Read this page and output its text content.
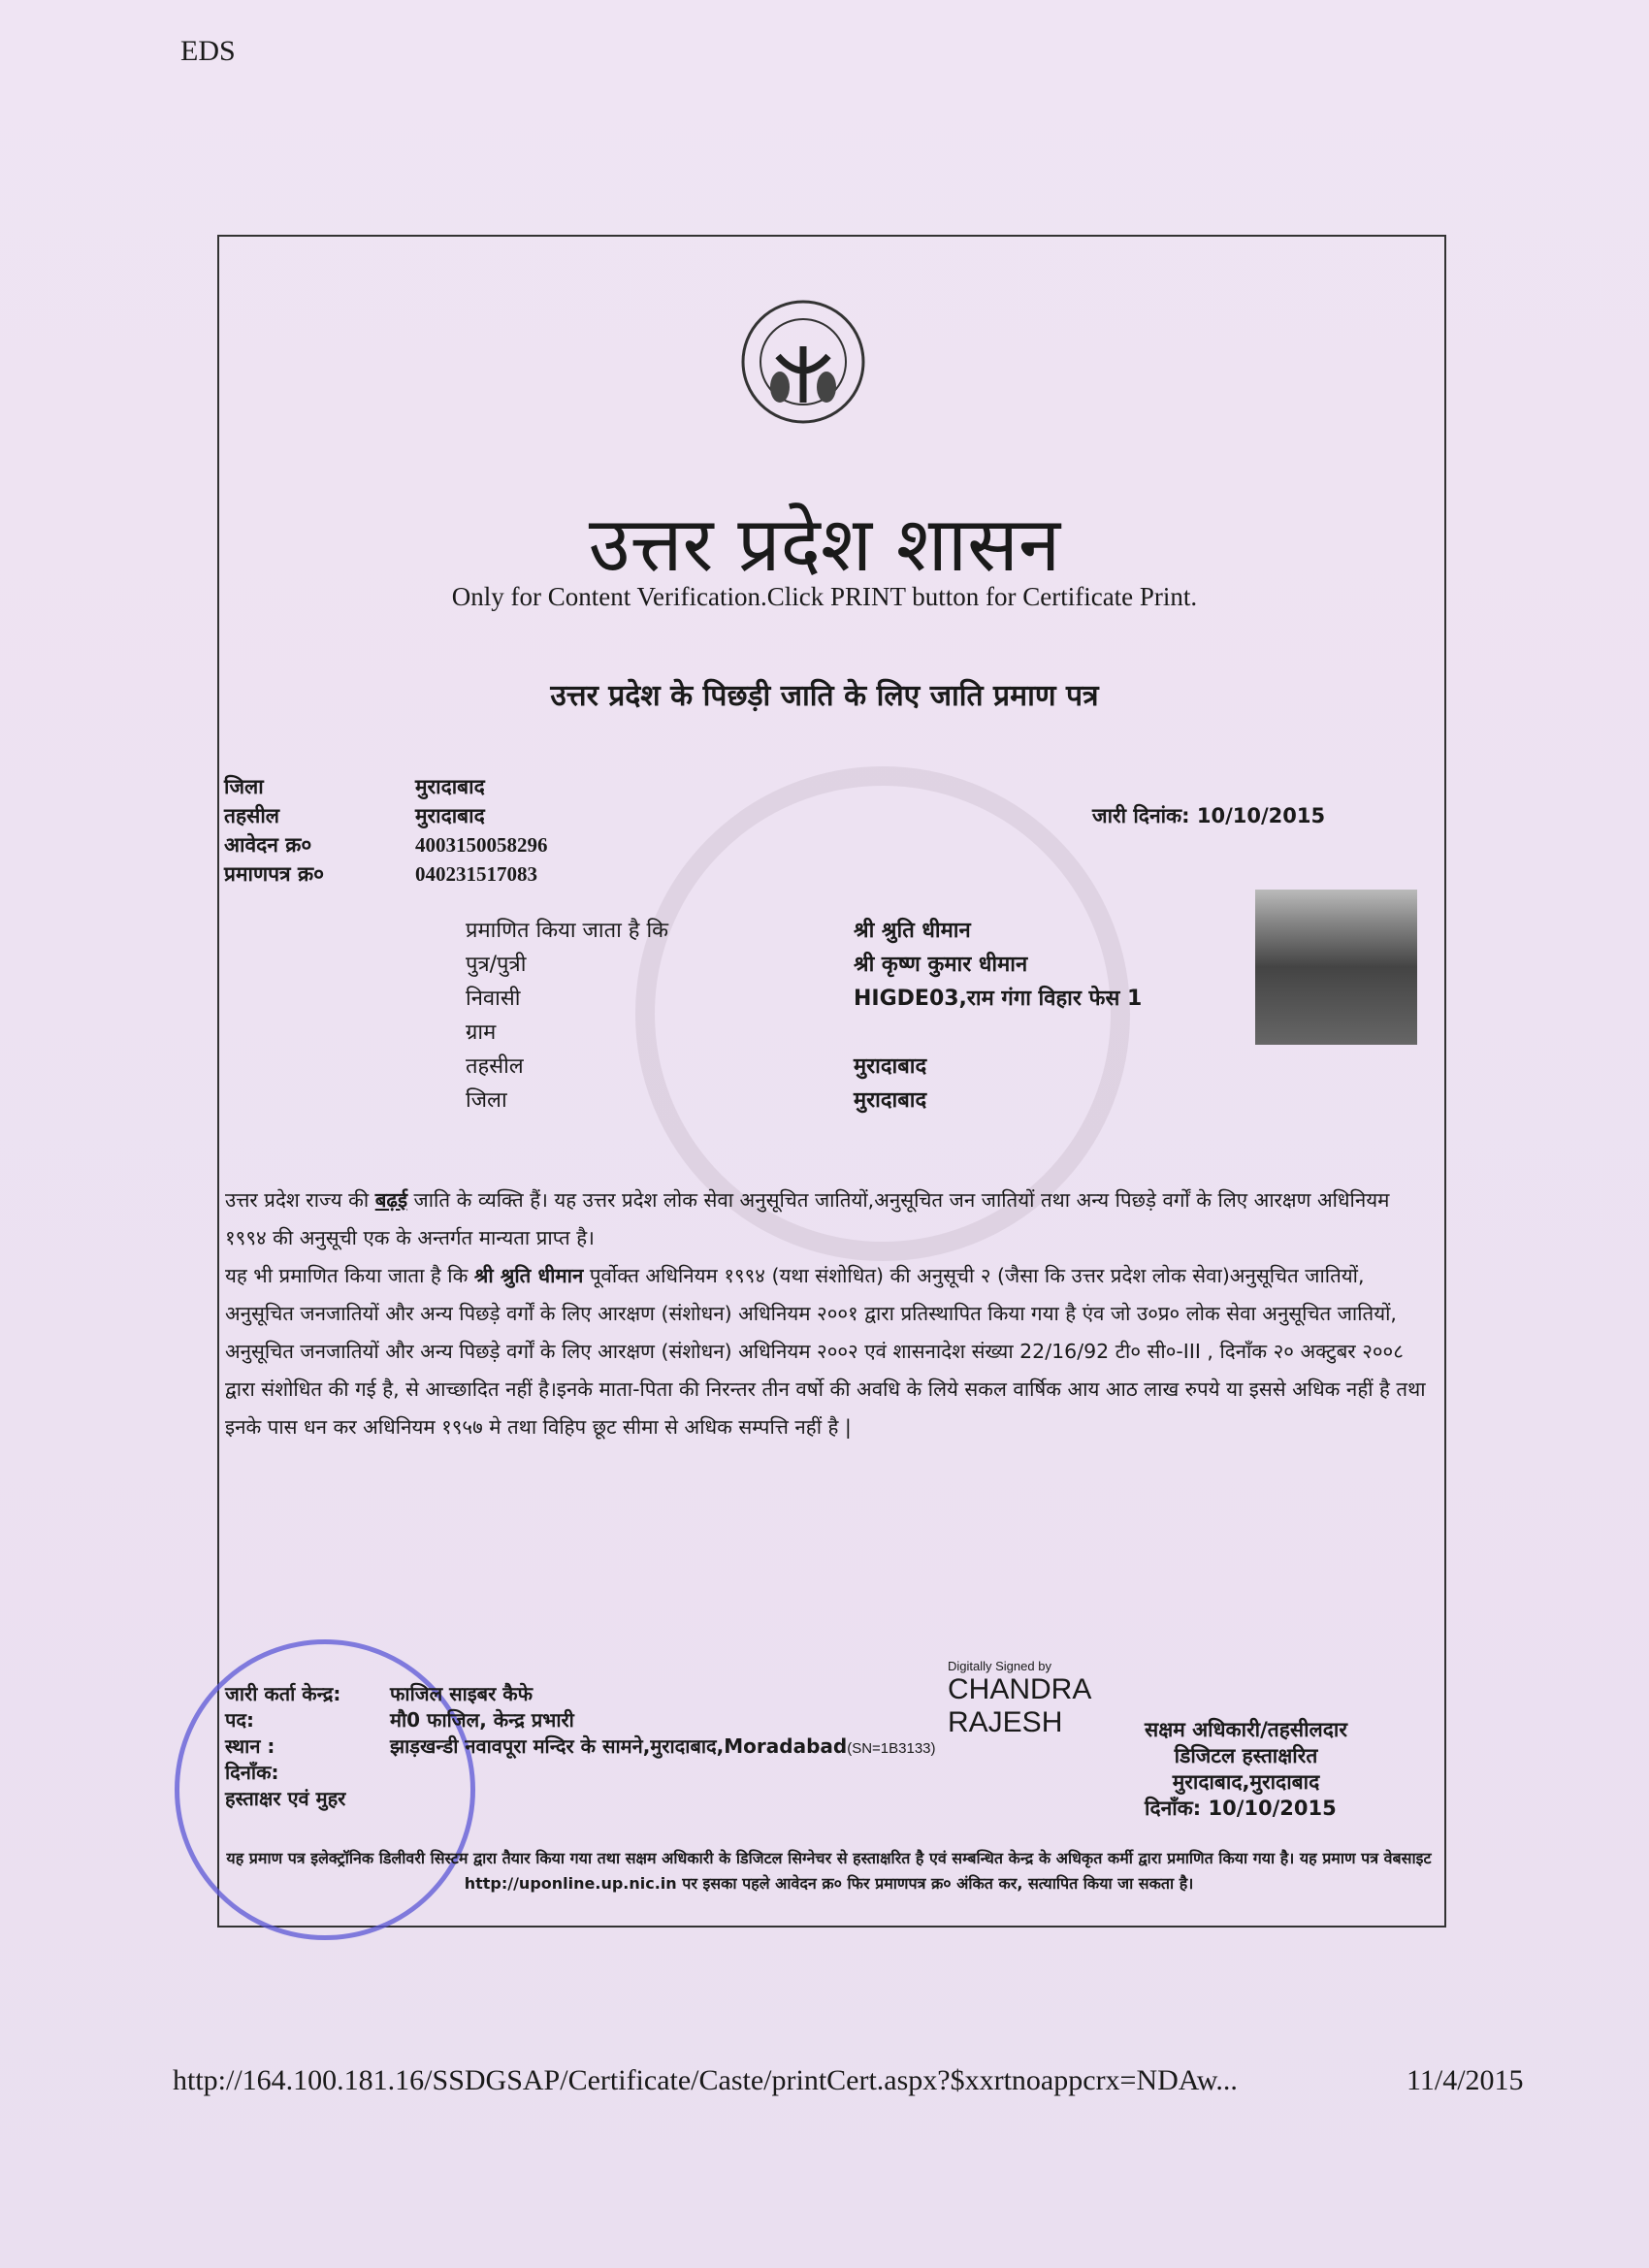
EDS
उत्तर प्रदेश शासन
Only for Content Verification.Click PRINT button for Certificate Print.
उत्तर प्रदेश के पिछड़ी जाति के लिए जाति प्रमाण पत्र
जिला
तहसील
आवेदन क्र०
प्रमाणपत्र क्र०
मुरादाबाद
मुरादाबाद
4003150058296
040231517083
जारी दिनांक: 10/10/2015
प्रमाणित किया जाता है कि
पुत्र/पुत्री
निवासी
ग्राम
तहसील
जिला
श्री श्रुति धीमान
श्री कृष्ण कुमार धीमान
HIGDE03,राम गंगा विहार फेस 1
मुरादाबाद
मुरादाबाद
उत्तर प्रदेश राज्य की बढ़ई जाति के व्यक्ति हैं। यह उत्तर प्रदेश लोक सेवा अनुसूचित जातियों,अनुसूचित जन जातियों तथा अन्य पिछड़े वर्गों के लिए आरक्षण अधिनियम १९९४ की अनुसूची एक के अन्तर्गत मान्यता प्राप्त है।
यह भी प्रमाणित किया जाता है कि श्री श्रुति धीमान पूर्वोक्त अधिनियम १९९४ (यथा संशोधित) की अनुसूची २ (जैसा कि उत्तर प्रदेश लोक सेवा)अनुसूचित जातियों, अनुसूचित जनजातियों और अन्य पिछड़े वर्गों के लिए आरक्षण (संशोधन) अधिनियम २००१ द्वारा प्रतिस्थापित किया गया है एंव जो उ०प्र० लोक सेवा अनुसूचित जातियों, अनुसूचित जनजातियों और अन्य पिछड़े वर्गों के लिए आरक्षण (संशोधन) अधिनियम २००२ एवं शासनादेश संख्या 22/16/92 टी० सी०-III , दिनाँक २० अक्टुबर २००८ द्वारा संशोधित की गई है, से आच्छादित नहीं है।इनके माता-पिता की निरन्तर तीन वर्षो की अवधि के लिये सकल वार्षिक आय आठ लाख रुपये या इससे अधिक नहीं है तथा इनके पास धन कर अधिनियम १९५७ मे तथा विहिप छूट सीमा से अधिक सम्पत्ति नहीं है |
जारी कर्ता केन्द्र:
पद:
स्थान :
दिनाँक:
हस्ताक्षर एवं मुहर
फाजिल साइबर कैफे
मौ0 फाजिल, केन्द्र प्रभारी
झाड़खन्डी नवावपूरा मन्दिर के सामने,मुरादाबाद,Moradabad(SN=1B3133)
Digitally Signed by
CHANDRA
RAJESH	सक्षम अधिकारी/तहसीलदार
डिजिटल हस्ताक्षरित
मुरादाबाद,मुरादाबाद
दिनाँक: 10/10/2015
यह प्रमाण पत्र इलेक्ट्रॉनिक डिलीवरी सिस्टम द्वारा तैयार किया गया तथा सक्षम अधिकारी के डिजिटल सिग्नेचर से हस्ताक्षरित है एवं सम्बन्धित केन्द्र के अधिकृत कर्मी द्वारा प्रमाणित किया गया है। यह प्रमाण पत्र वेबसाइट http://uponline.up.nic.in पर इसका पहले आवेदन क्र० फिर प्रमाणपत्र क्र० अंकित कर, सत्यापित किया जा सकता है।
http://164.100.181.16/SSDGSAP/Certificate/Caste/printCert.aspx?$xxrtnoappcrx=NDAw...	11/4/2015
